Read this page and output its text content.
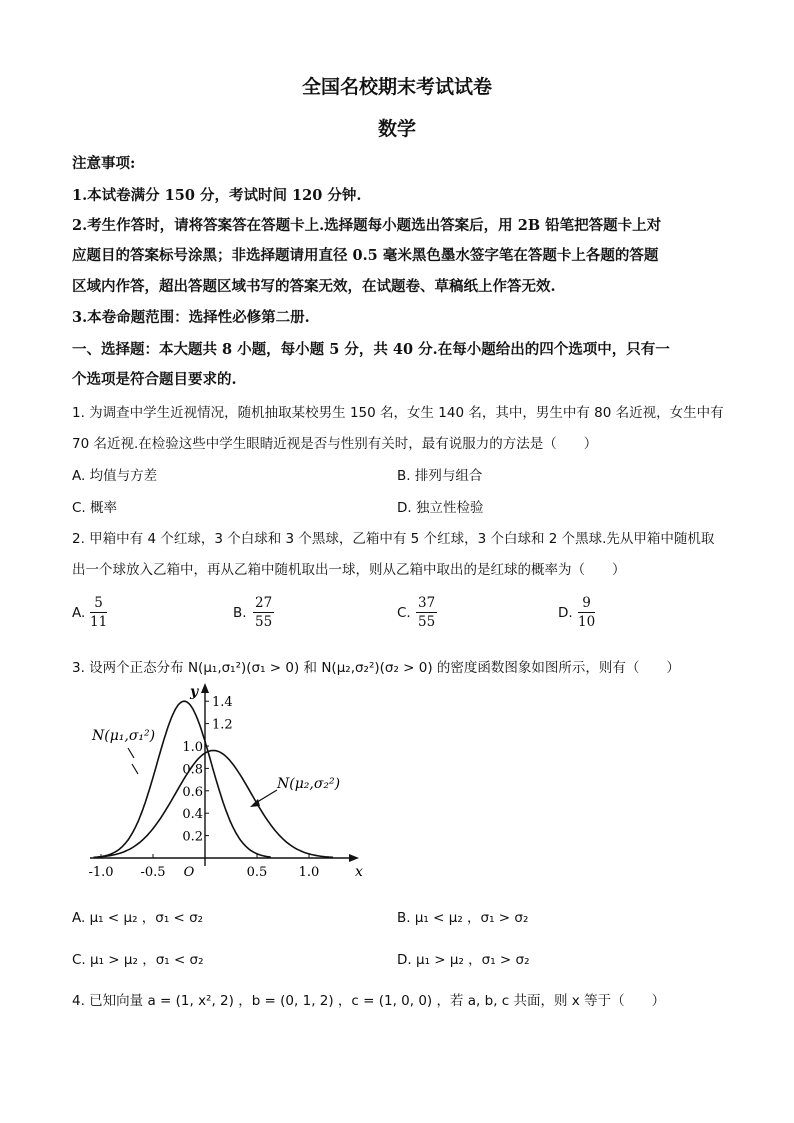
全国名校期末考试试卷
数学
注意事项:
1.本试卷满分 150 分，考试时间 120 分钟.
2.考生作答时，请将答案答在答题卡上.选择题每小题选出答案后，用 2B 铅笔把答题卡上对
应题目的答案标号涂黑；非选择题请用直径 0.5 毫米黑色墨水签字笔在答题卡上各题的答题
区域内作答，超出答题区域书写的答案无效，在试题卷、草稿纸上作答无效.
3.本卷命题范围：选择性必修第二册.
一、选择题：本大题共 8 小题，每小题 5 分，共 40 分.在每小题给出的四个选项中，只有一
个选项是符合题目要求的.
1. 为调查中学生近视情况，随机抽取某校男生 150 名，女生 140 名，其中，男生中有 80 名近视，女生中有
70 名近视.在检验这些中学生眼睛近视是否与性别有关时，最有说服力的方法是（　　）
A. 均值与方差	B. 排列与组合
C. 概率	D. 独立性检验
2. 甲箱中有 4 个红球，3 个白球和 3 个黑球，乙箱中有 5 个红球，3 个白球和 2 个黑球.先从甲箱中随机取
出一个球放入乙箱中，再从乙箱中随机取出一球，则从乙箱中取出的是红球的概率为（　　）
A. $\frac{5}{11}$	B. $\frac{27}{55}$	C. $\frac{37}{55}$	D. $\frac{9}{10}$
3. 设两个正态分布 N(μ₁,σ₁²)(σ₁ > 0) 和 N(μ₂,σ₂²)(σ₂ > 0) 的密度函数图象如图所示，则有（　　）
x
y
-1.0 -0.5 O	0.5 1.0
0.2
0.4
0.6
0.8
1.0
1.2
1.4
N(μ₁,σ₁²)
N(μ₂,σ₂²)
A. μ₁ < μ₂ ，σ₁ < σ₂	B. μ₁ < μ₂ ，σ₁ > σ₂
C. μ₁ > μ₂ ，σ₁ < σ₂	D. μ₁ > μ₂ ，σ₁ > σ₂
4. 已知向量 a = (1, x², 2) ，b = (0, 1, 2) ，c = (1, 0, 0) ，若 a, b, c 共面，则 x 等于（　　）
